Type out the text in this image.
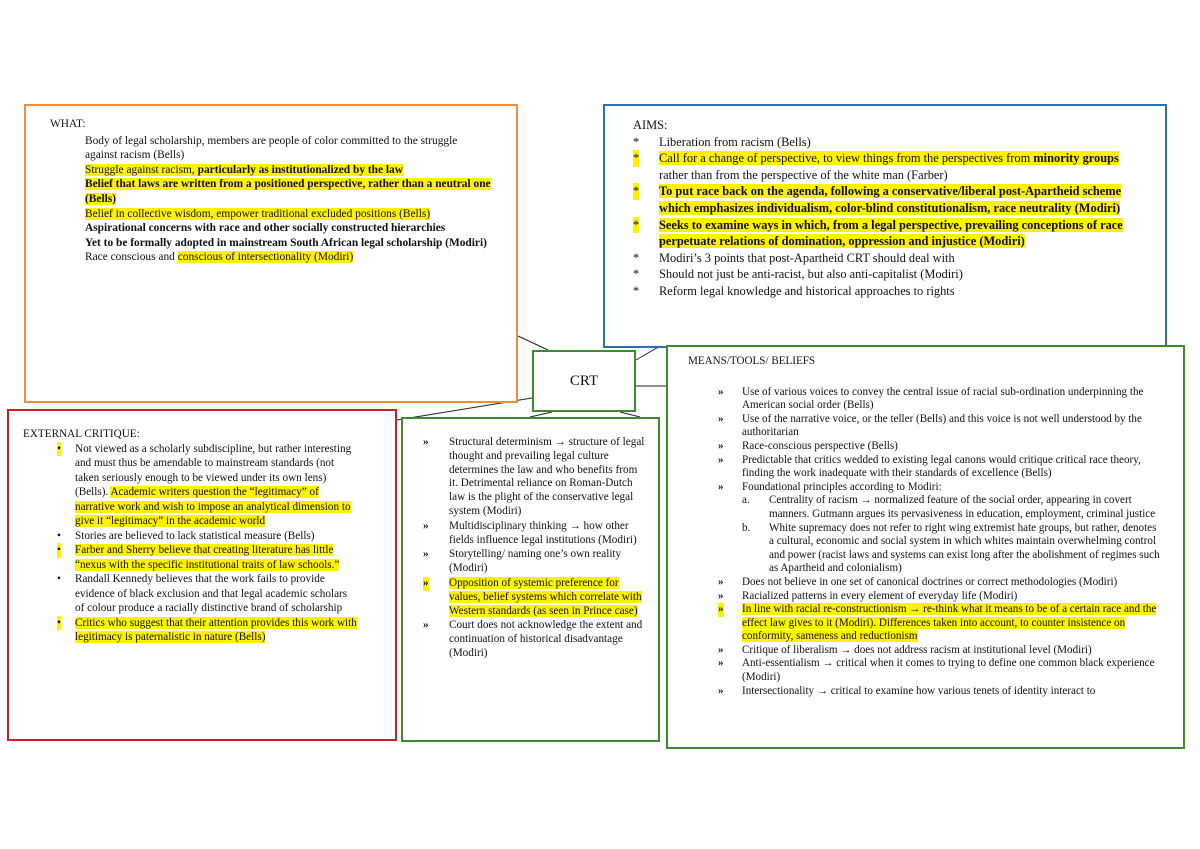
WHAT:

Body of legal scholarship, members are people of color committed to the struggle against racism (Bells)

Struggle against racism, particularly as institutionalized by the law

Belief that laws are written from a positioned perspective, rather than a neutral one (Bells)

Belief in collective wisdom, empower traditional excluded positions (Bells)

Aspirational concerns with race and other socially constructed hierarchies

Yet to be formally adopted in mainstream South African legal scholarship (Modiri)

Race conscious and conscious of intersectionality (Modiri)

AIMS:

* Liberation from racism (Bells)
* Call for a change of perspective, to view things from the perspectives from minority groups rather than from the perspective of the white man (Farber)
* To put race back on the agenda, following a conservative/liberal post-Apartheid scheme which emphasizes individualism, color-blind constitutionalism, race neutrality (Modiri)
* Seeks to examine ways in which, from a legal perspective, prevailing conceptions of race perpetuate relations of domination, oppression and injustice (Modiri)
* Modiri’s 3 points that post-Apartheid CRT should deal with
* Should not just be anti-racist, but also anti-capitalist (Modiri)
* Reform legal knowledge and historical approaches to rights
CRT

EXTERNAL CRITIQUE:

• Not viewed as a scholarly subdiscipline, but rather interesting and must thus be amendable to mainstream standards (not taken seriously enough to be viewed under its own lens) (Bells). Academic writers question the “legitimacy” of narrative work and wish to impose an analytical dimension to give it “legitimacy” in the academic world
• Stories are believed to lack statistical measure (Bells)
• Farber and Sherry believe that creating literature has little “nexus with the specific institutional traits of law schools.”
• Randall Kennedy believes that the work fails to provide evidence of black exclusion and that legal academic scholars of colour produce a racially distinctive brand of scholarship
• Critics who suggest that their attention provides this work with legitimacy is paternalistic in nature (Bells)
» Structural determinism → structure of legal thought and prevailing legal culture determines the law and who benefits from it. Detrimental reliance on Roman-Dutch law is the plight of the conservative legal system (Modiri)
» Multidisciplinary thinking → how other fields influence legal institutions (Modiri)
» Storytelling/ naming one’s own reality (Modiri)
» Opposition of systemic preference for values, belief systems which correlate with Western standards (as seen in Prince case)
» Court does not acknowledge the extent and continuation of historical disadvantage (Modiri)

MEANS/TOOLS/ BELIEFS

» Use of various voices to convey the central issue of racial sub-ordination underpinning the American social order (Bells)
» Use of the narrative voice, or the teller (Bells) and this voice is not well understood by the authoritarian
» Race-conscious perspective (Bells)
» Predictable that critics wedded to existing legal canons would critique critical race theory, finding the work inadequate with their standards of excellence (Bells)
» Foundational principles according to Modiri:
a. Centrality of racism → normalized feature of the social order, appearing in covert manners. Gutmann argues its pervasiveness in education, employment, criminal justice
b. White supremacy does not refer to right wing extremist hate groups, but rather, denotes a cultural, economic and social system in which whites maintain overwhelming control and power (racist laws and systems can exist long after the abolishment of regimes such as Apartheid and colonialism)
» Does not believe in one set of canonical doctrines or correct methodologies (Modiri)
» Racialized patterns in every element of everyday life (Modiri)
» In line with racial re-constructionism → re-think what it means to be of a certain race and the effect law gives to it (Modiri). Differences taken into account, to counter insistence on conformity, sameness and reductionism
» Critique of liberalism → does not address racism at institutional level (Modiri)
» Anti-essentialism → critical when it comes to trying to define one common black experience (Modiri)
» Intersectionality → critical to examine how various tenets of identity interact to
